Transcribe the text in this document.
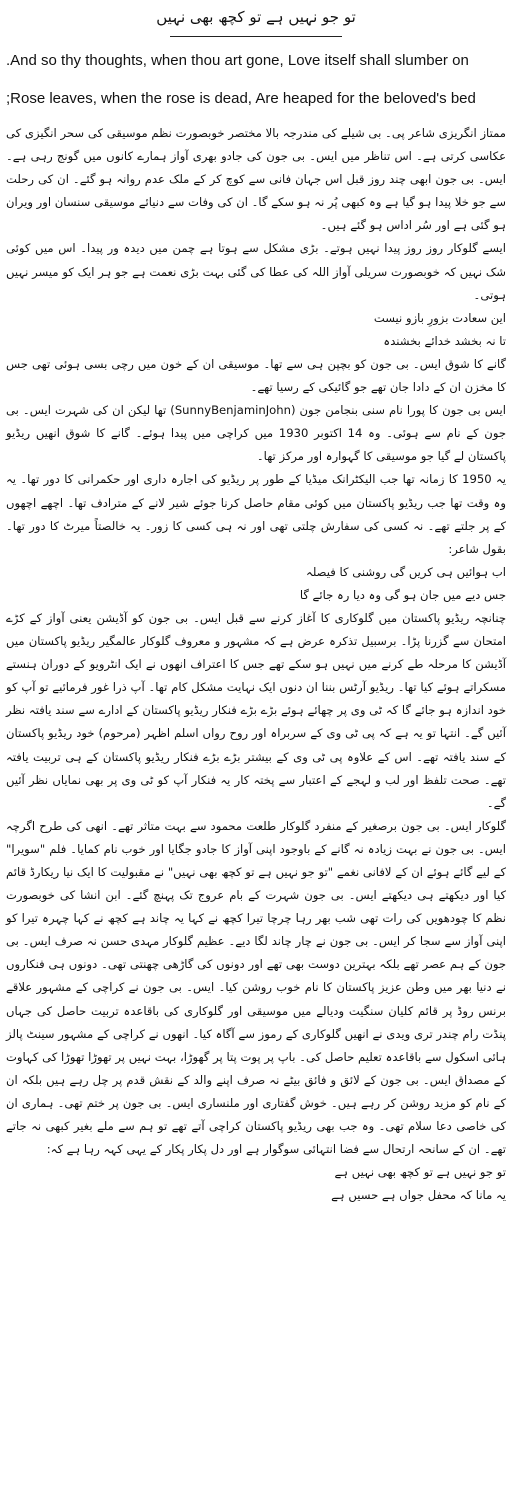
تو جو نہیں ہے تو کچھ بھی نہیں
.And so thy thoughts, when thou art gone, Love itself shall slumber on
;Rose leaves, when the rose is dead, Are heaped for the beloved's bed

ممتاز انگریزی شاعر پی۔ بی شیلے کی مندرجہ بالا مختصر خوبصورت نظم موسیقی کی سحر انگیزی کی عکاسی کرتی ہے۔ اس تناظر میں ایس۔ بی جون کی جادو بھری آواز ہمارے کانوں میں گونج رہی ہے۔ ایس۔ بی جون ابھی چند روز قبل اس جہان فانی سے کوچ کر کے ملک عدم روانہ ہو گئے۔ ان کی رحلت سے جو خلا پیدا ہو گیا ہے وہ کبھی پُر نہ ہو سکے گا۔ ان کی وفات سے دنیائے موسیقی سنسان اور ویران ہو گئی ہے اور سُر اداس ہو گئے ہیں۔

ایسے گلوکار روز روز پیدا نہیں ہوتے۔ بڑی مشکل سے ہوتا ہے چمن میں دیدہ ور پیدا۔ اس میں کوئی شک نہیں کہ خوبصورت سریلی آواز اللہ کی عطا کی گئی بہت بڑی نعمت ہے جو ہر ایک کو میسر نہیں ہوتی۔

این سعادت بزورِ بازو نیست

تا نہ بخشد خدائے بخشندہ

گانے کا شوق ایس۔ بی جون کو بچپن ہی سے تھا۔ موسیقی ان کے خون میں رچی بسی ہوئی تھی جس کا مخزن ان کے دادا جان تھے جو گائیکی کے رسیا تھے۔

ایس بی جون کا پورا نام سنی بنجامن جون (SunnyBenjaminJohn) تھا لیکن ان کی شہرت ایس۔ بی جون کے نام سے ہوئی۔ وہ 14 اکتوبر 1930 میں کراچی میں پیدا ہوئے۔ گانے کا شوق انھیں ریڈیو پاکستان لے گیا جو موسیقی کا گہوارہ اور مرکز تھا۔

یہ 1950 کا زمانہ تھا جب الیکٹرانک میڈیا کے طور پر ریڈیو کی اجارہ داری اور حکمرانی کا دور تھا۔ یہ وہ وقت تھا جب ریڈیو پاکستان میں کوئی مقام حاصل کرنا جوئے شیر لانے کے مترادف تھا۔ اچھے اچھوں کے پر جلتے تھے۔ نہ کسی کی سفارش چلتی تھی اور نہ ہی کسی کا زور۔ یہ خالصتاً میرٹ کا دور تھا۔ بقول شاعر:

اب ہوائیں ہی کریں گی روشنی کا فیصلہ

جس دیے میں جان ہو گی وہ دیا رہ جائے گا

چنانچہ ریڈیو پاکستان میں گلوکاری کا آغاز کرنے سے قبل ایس۔ بی جون کو آڈیشن یعنی آواز کے کڑے امتحان سے گزرنا پڑا۔ برسبیل تذکرہ عرض ہے کہ مشہور و معروف گلوکار عالمگیر ریڈیو پاکستان میں آڈیشن کا مرحلہ طے کرنے میں نہیں ہو سکے تھے جس کا اعتراف انھوں نے ایک انٹرویو کے دوران ہنستے مسکراتے ہوئے کیا تھا۔ ریڈیو آرٹس بننا ان دنوں ایک نہایت مشکل کام تھا۔ آپ ذرا غور فرمائیے تو آپ کو خود اندازہ ہو جائے گا کہ ٹی وی پر چھائے ہوئے بڑے بڑے فنکار ریڈیو پاکستان کے ادارے سے سند یافتہ نظر آئیں گے۔ انتہا تو یہ ہے کہ پی ٹی وی کے سربراہ اور روح رواں اسلم اظہر (مرحوم) خود ریڈیو پاکستان کے سند یافتہ تھے۔ اس کے علاوہ پی ٹی وی کے بیشتر بڑے بڑے فنکار ریڈیو پاکستان کے ہی تربیت یافتہ تھے۔ صحت تلفظ اور لب و لہجے کے اعتبار سے پختہ کار یہ فنکار آپ کو ٹی وی پر بھی نمایاں نظر آئیں گے۔

گلوکار ایس۔ بی جون برصغیر کے منفرد گلوکار طلعت محمود سے بہت متاثر تھے۔ انھی کی طرح اگرچہ ایس۔ بی جون نے بہت زیادہ نہ گانے کے باوجود اپنی آواز کا جادو جگایا اور خوب نام کمایا۔ فلم "سویرا" کے لیے گائے ہوئے ان کے لافانی نغمے "تو جو نہیں ہے تو کچھ بھی نہیں" نے مقبولیت کا ایک نیا ریکارڈ قائم کیا اور دیکھتے ہی دیکھتے ایس۔ بی جون شہرت کے بام عروج تک پہنچ گئے۔ ابن انشا کی خوبصورت نظم کا چودھویں کی رات تھی شب بھر رہا چرچا تیرا کچھ نے کہا یہ چاند ہے کچھ نے کہا چہرہ تیرا کو اپنی آواز سے سجا کر ایس۔ بی جون نے چار چاند لگا دیے۔ عظیم گلوکار مہدی حسن نہ صرف ایس۔ بی جون کے ہم عصر تھے بلکہ بہترین دوست بھی تھے اور دونوں کی گاڑھی چھنتی تھی۔ دونوں ہی فنکاروں نے دنیا بھر میں وطن عزیز پاکستان کا نام خوب روشن کیا۔ ایس۔ بی جون نے کراچی کے مشہور علاقے برنس روڈ پر قائم کلیان سنگیت ودیالے میں موسیقی اور گلوکاری کی باقاعدہ تربیت حاصل کی جہاں پنڈت رام چندر تری ویدی نے انھیں گلوکاری کے رموز سے آگاہ کیا۔ انھوں نے کراچی کے مشہور سینٹ پالز ہائی اسکول سے باقاعدہ تعلیم حاصل کی۔ باپ پر پوت پتا پر گھوڑا، بہت نہیں پر تھوڑا تھوڑا کی کہاوت کے مصداق ایس۔ بی جون کے لائق و فائق بیٹے نہ صرف اپنے والد کے نقش قدم پر چل رہے ہیں بلکہ ان کے نام کو مزید روشن کر رہے ہیں۔ خوش گفتاری اور ملنساری ایس۔ بی جون پر ختم تھی۔ ہماری ان کی خاصی دعا سلام تھی۔ وہ جب بھی ریڈیو پاکستان کراچی آتے تھے تو ہم سے ملے بغیر کبھی نہ جاتے تھے۔ ان کے سانحہ ارتحال سے فضا انتہائی سوگوار ہے اور دل پکار پکار کے یہی کہہ رہا ہے کہ:

تو جو نہیں ہے تو کچھ بھی نہیں ہے

یہ مانا کہ محفل جواں ہے حسیں ہے
